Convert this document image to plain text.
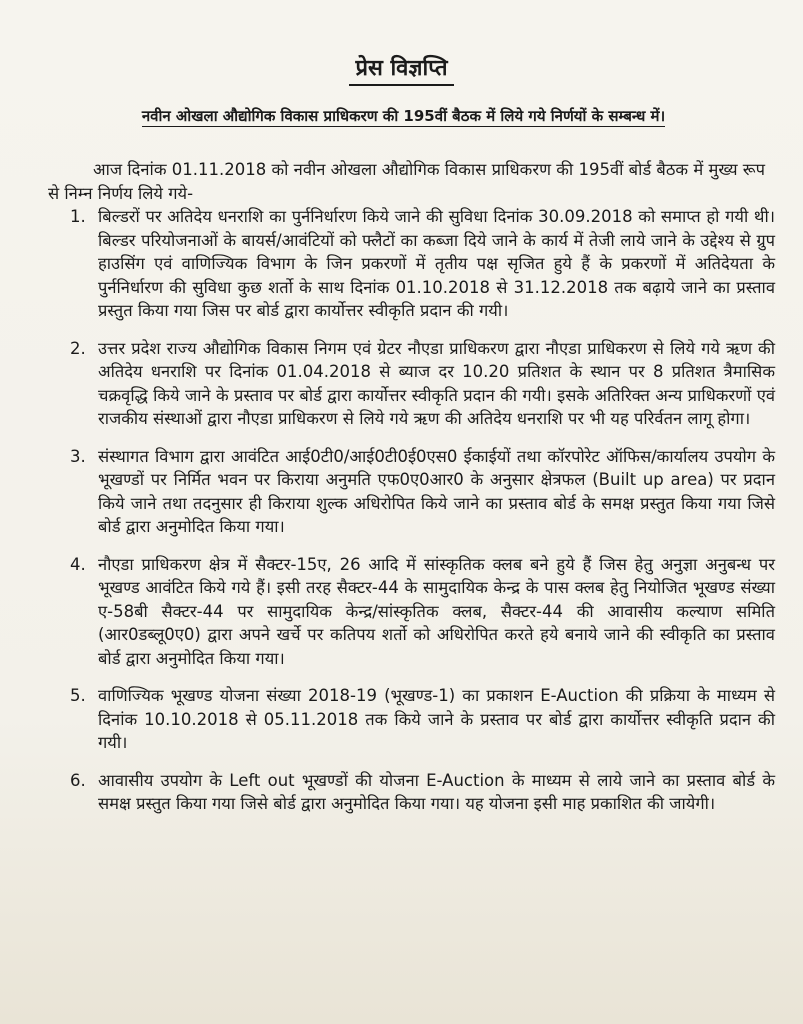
प्रेस विज्ञप्ति
नवीन ओखला औद्योगिक विकास प्राधिकरण की 195वीं बैठक में लिये गये निर्णयों के सम्बन्ध में।
आज दिनांक 01.11.2018 को नवीन ओखला औद्योगिक विकास प्राधिकरण की 195वीं बोर्ड बैठक में मुख्य रूप से निम्न निर्णय लिये गये-
1. बिल्डरों पर अतिदेय धनराशि का पुर्ननिर्धारण किये जाने की सुविधा दिनांक 30.09.2018 को समाप्त हो गयी थी। बिल्डर परियोजनाओं के बायर्स/आवंटियों को फ्लैटों का कब्जा दिये जाने के कार्य में तेजी लाये जाने के उद्देश्य से ग्रुप हाउसिंग एवं वाणिज्यिक विभाग के जिन प्रकरणों में तृतीय पक्ष सृजित हुये हैं के प्रकरणों में अतिदेयता के पुर्ननिर्धारण की सुविधा कुछ शर्तो के साथ दिनांक 01.10.2018 से 31.12.2018 तक बढ़ाये जाने का प्रस्ताव प्रस्तुत किया गया जिस पर बोर्ड द्वारा कार्योत्तर स्वीकृति प्रदान की गयी।
2. उत्तर प्रदेश राज्य औद्योगिक विकास निगम एवं ग्रेटर नौएडा प्राधिकरण द्वारा नौएडा प्राधिकरण से लिये गये ऋण की अतिदेय धनराशि पर दिनांक 01.04.2018 से ब्याज दर 10.20 प्रतिशत के स्थान पर 8 प्रतिशत त्रैमासिक चक्रवृद्धि किये जाने के प्रस्ताव पर बोर्ड द्वारा कार्योत्तर स्वीकृति प्रदान की गयी। इसके अतिरिक्त अन्य प्राधिकरणों एवं राजकीय संस्थाओं द्वारा नौएडा प्राधिकरण से लिये गये ऋण की अतिदेय धनराशि पर भी यह परिर्वतन लागू होगा।
3. संस्थागत विभाग द्वारा आवंटित आई0टी0/आई0टी0ई0एस0 ईकाईयों तथा कॉरपोरेट ऑफिस/कार्यालय उपयोग के भूखण्डों पर निर्मित भवन पर किराया अनुमति एफ0ए0आर0 के अनुसार क्षेत्रफल (Built up area) पर प्रदान किये जाने तथा तदनुसार ही किराया शुल्क अधिरोपित किये जाने का प्रस्ताव बोर्ड के समक्ष प्रस्तुत किया गया जिसे बोर्ड द्वारा अनुमोदित किया गया।
4. नौएडा प्राधिकरण क्षेत्र में सैक्टर-15ए, 26 आदि में सांस्कृतिक क्लब बने हुये हैं जिस हेतु अनुज्ञा अनुबन्ध पर भूखण्ड आवंटित किये गये हैं। इसी तरह सैक्टर-44 के सामुदायिक केन्द्र के पास क्लब हेतु नियोजित भूखण्ड संख्या ए-58बी सैक्टर-44 पर सामुदायिक केन्द्र/सांस्कृतिक क्लब, सैक्टर-44 की आवासीय कल्याण समिति (आर0डब्लू0ए0) द्वारा अपने खर्चे पर कतिपय शर्तो को अधिरोपित करते हये बनाये जाने की स्वीकृति का प्रस्ताव बोर्ड द्वारा अनुमोदित किया गया।
5. वाणिज्यिक भूखण्ड योजना संख्या 2018-19 (भूखण्ड-1) का प्रकाशन E-Auction की प्रक्रिया के माध्यम से दिनांक 10.10.2018 से 05.11.2018 तक किये जाने के प्रस्ताव पर बोर्ड द्वारा कार्योत्तर स्वीकृति प्रदान की गयी।
6. आवासीय उपयोग के Left out भूखण्डों की योजना E-Auction के माध्यम से लाये जाने का प्रस्ताव बोर्ड के समक्ष प्रस्तुत किया गया जिसे बोर्ड द्वारा अनुमोदित किया गया। यह योजना इसी माह प्रकाशित की जायेगी।
